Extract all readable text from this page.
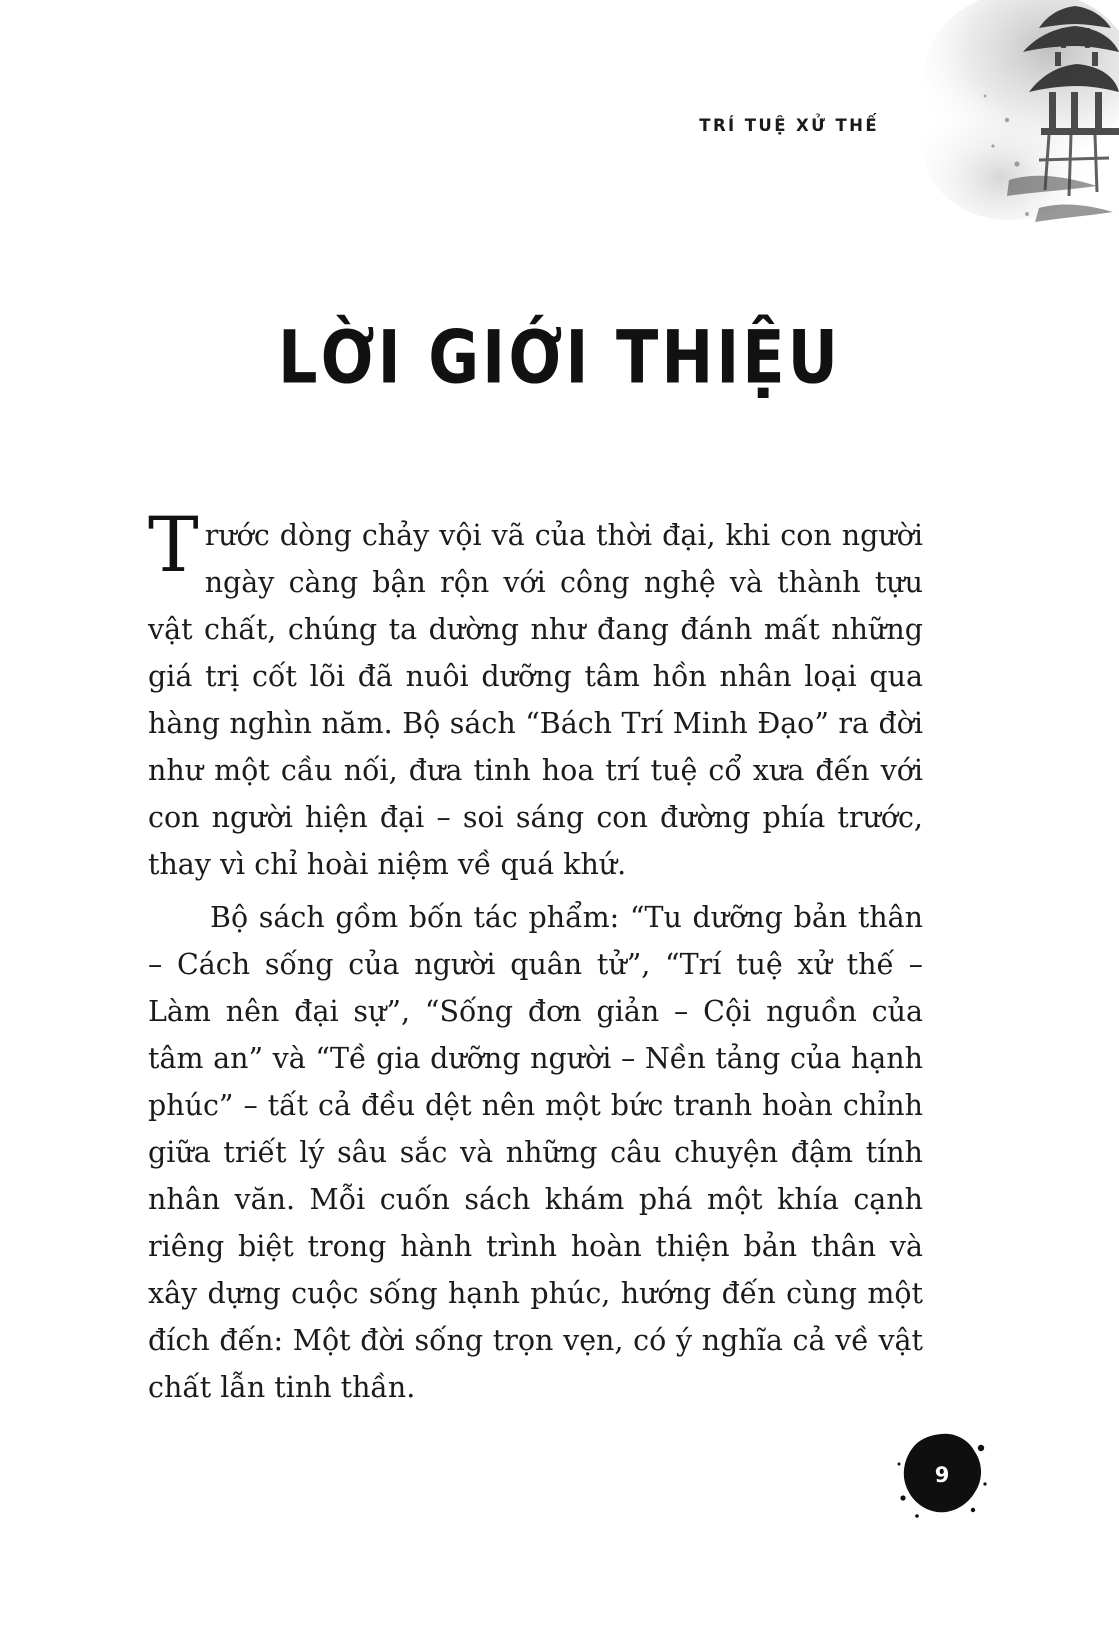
TRÍ TUỆ XỬ THẾ
LỜI GIỚI THIỆU

Trước dòng chảy vội vã của thời đại, khi con người ngày càng bận rộn với công nghệ và thành tựu vật chất, chúng ta dường như đang đánh mất những giá trị cốt lõi đã nuôi dưỡng tâm hồn nhân loại qua hàng nghìn năm. Bộ sách “Bách Trí Minh Đạo” ra đời như một cầu nối, đưa tinh hoa trí tuệ cổ xưa đến với con người hiện đại – soi sáng con đường phía trước, thay vì chỉ hoài niệm về quá khứ.

Bộ sách gồm bốn tác phẩm: “Tu dưỡng bản thân – Cách sống của người quân tử”, “Trí tuệ xử thế – Làm nên đại sự”, “Sống đơn giản – Cội nguồn của tâm an” và “Tề gia dưỡng người – Nền tảng của hạnh phúc” – tất cả đều dệt nên một bức tranh hoàn chỉnh giữa triết lý sâu sắc và những câu chuyện đậm tính nhân văn. Mỗi cuốn sách khám phá một khía cạnh riêng biệt trong hành trình hoàn thiện bản thân và xây dựng cuộc sống hạnh phúc, hướng đến cùng một đích đến: Một đời sống trọn vẹn, có ý nghĩa cả về vật chất lẫn tinh thần.

9
